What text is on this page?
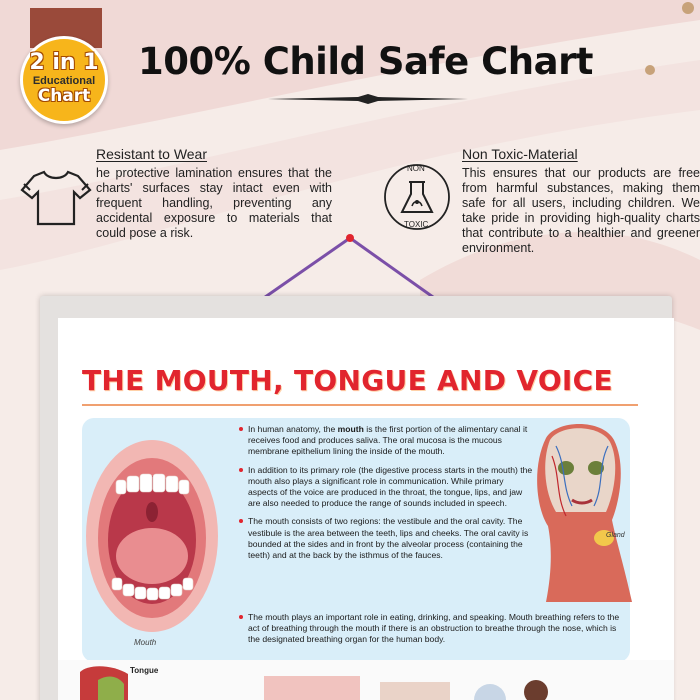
2 in 1
Educational
Chart
100% Child Safe Chart
Resistant to Wear
he protective lamination ensures that the charts' surfaces stay intact even with frequent handling, preventing any accidental exposure to materials that could pose a risk.
NON
TOXIC
Non Toxic-Material
This ensures that our products are free from harmful substances, making them safe for all users, including children. We take pride in providing high-quality charts that contribute to a healthier and greener environment.
THE MOUTH, TONGUE AND VOICE
Mouth
In human anatomy, the mouth is the first portion of the alimentary canal it receives food and produces saliva. The oral mucosa is the mucous membrane epithelium lining the inside of the mouth.
In addition to its primary role (the digestive process starts in the mouth) the mouth also plays a significant role in communication. While primary aspects of the voice are produced in the throat, the tongue, lips, and jaw are also needed to produce the range of sounds included in speech.
The mouth consists of two regions: the vestibule and the oral cavity. The vestibule is the area between the teeth, lips and cheeks. The oral cavity is bounded at the sides and in front by the alveolar process (containing the teeth) and at the back by the isthmus of the fauces.
The mouth plays an important role in eating, drinking, and speaking. Mouth breathing refers to the act of breathing through the mouth if there is an obstruction to breathe through the nose, which is the designated breathing organ for the human body.
Gland
Tongue
